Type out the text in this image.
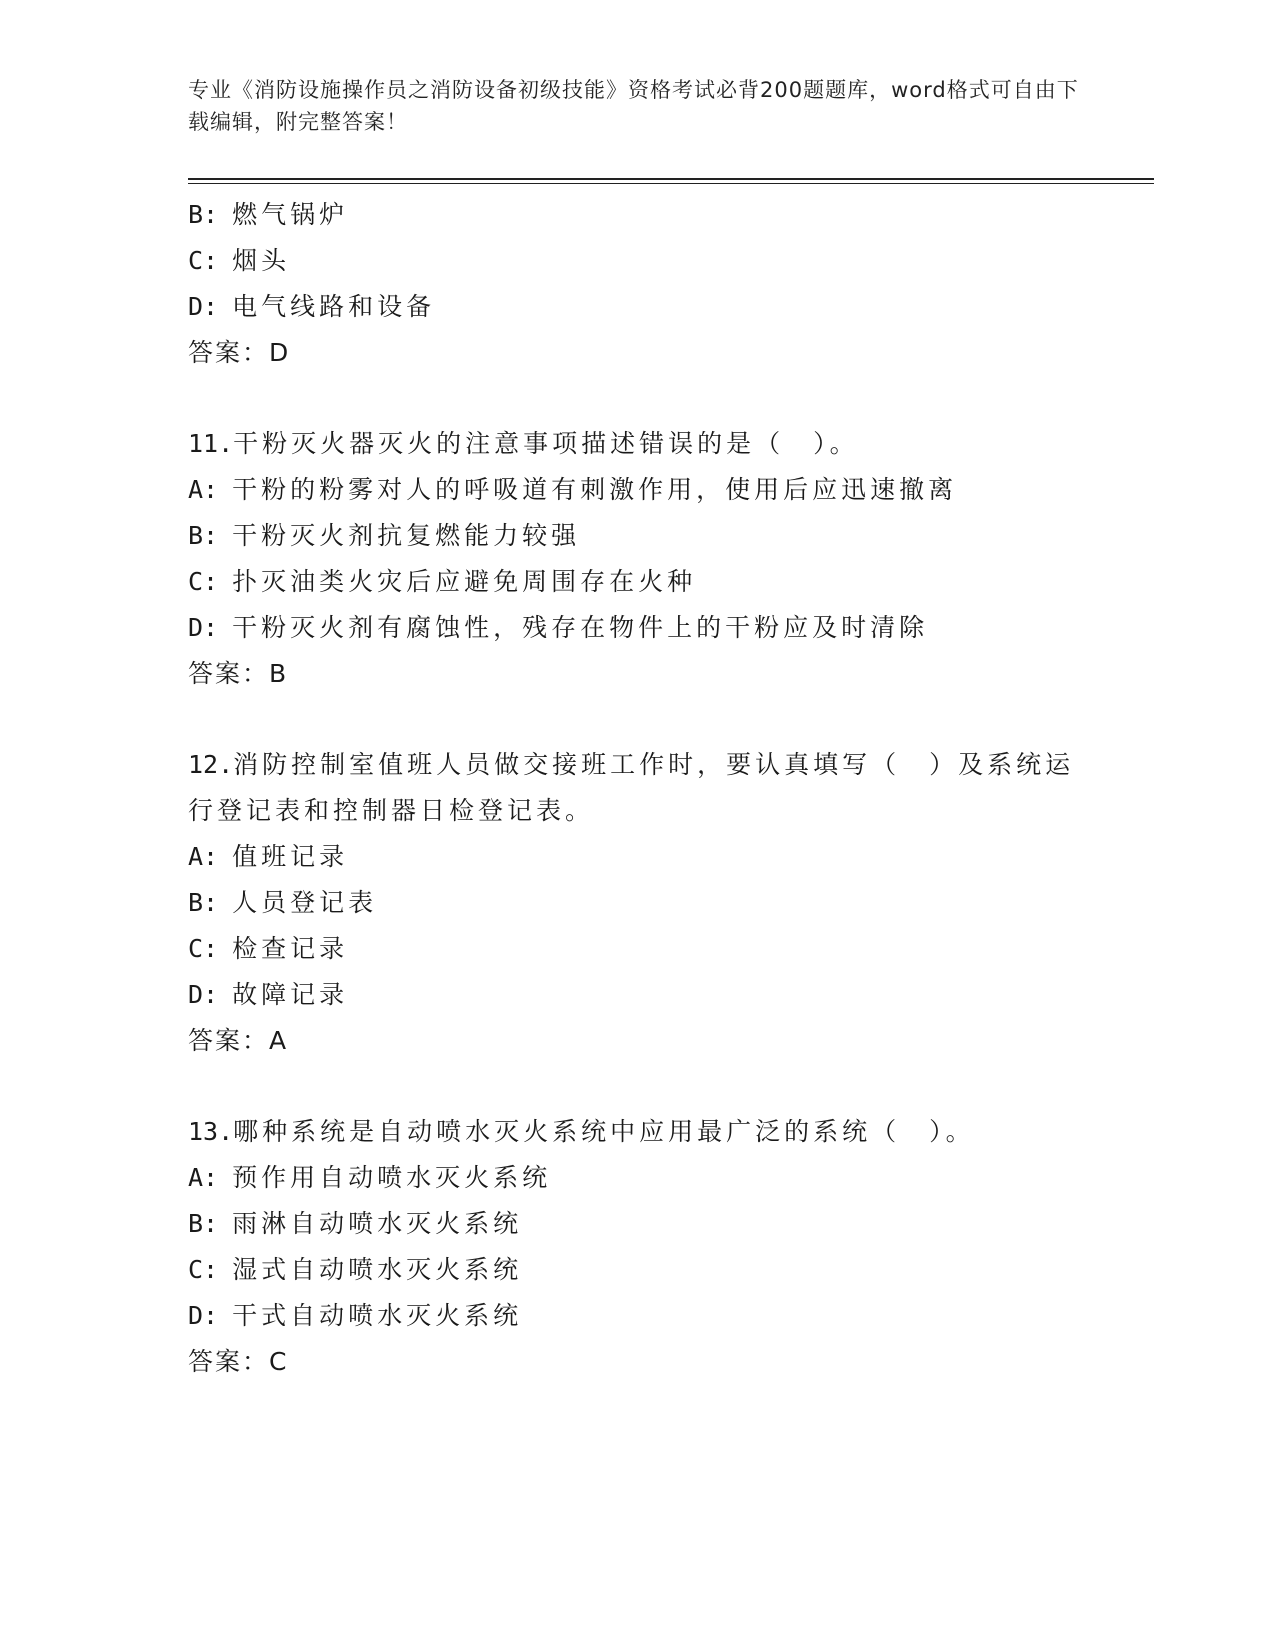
专业《消防设施操作员之消防设备初级技能》资格考试必背200题题库，word格式可自由下载编辑，附完整答案！
B: 燃气锅炉
C: 烟头
D: 电气线路和设备
答案：D
11.干粉灭火器灭火的注意事项描述错误的是（　）。
A: 干粉的粉雾对人的呼吸道有刺激作用，使用后应迅速撤离
B: 干粉灭火剂抗复燃能力较强
C: 扑灭油类火灾后应避免周围存在火种
D: 干粉灭火剂有腐蚀性，残存在物件上的干粉应及时清除
答案：B
12.消防控制室值班人员做交接班工作时，要认真填写（　）及系统运
行登记表和控制器日检登记表。
A: 值班记录
B: 人员登记表
C: 检查记录
D: 故障记录
答案：A
13.哪种系统是自动喷水灭火系统中应用最广泛的系统（　）。
A: 预作用自动喷水灭火系统
B: 雨淋自动喷水灭火系统
C: 湿式自动喷水灭火系统
D: 干式自动喷水灭火系统
答案：C
